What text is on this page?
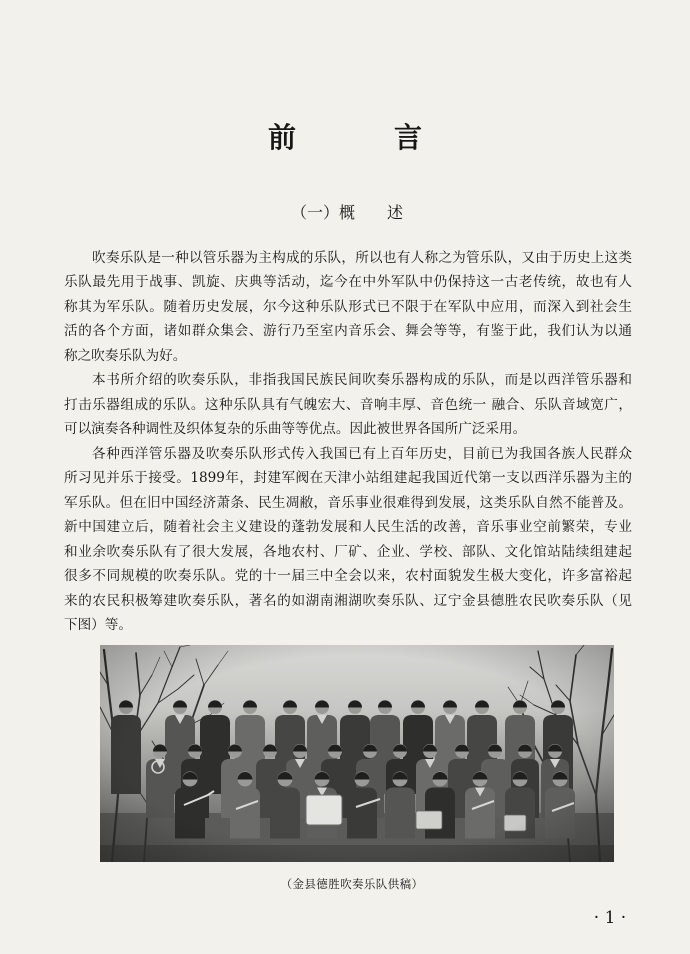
前　　言
（一）概　　述
吹奏乐队是一种以管乐器为主构成的乐队，所以也有人称之为管乐队，又由于历史上这类
乐队最先用于战事、凯旋、庆典等活动，迄今在中外军队中仍保持这一古老传统，故也有人
称其为军乐队。随着历史发展，尔今这种乐队形式已不限于在军队中应用，而深入到社会生
活的各个方面，诸如群众集会、游行乃至室内音乐会、舞会等等，有鉴于此，我们认为以通
称之吹奏乐队为好。
本书所介绍的吹奏乐队，非指我国民族民间吹奏乐器构成的乐队，而是以西洋管乐器和
打击乐器组成的乐队。这种乐队具有气魄宏大、音响丰厚、音色统一 融合、乐队音域宽广，
可以演奏各种调性及织体复杂的乐曲等等优点。因此被世界各国所广泛采用。
各种西洋管乐器及吹奏乐队形式传入我国已有上百年历史，目前已为我国各族人民群众
所习见并乐于接受。1899年，封建军阀在天津小站组建起我国近代第一支以西洋乐器为主的
军乐队。但在旧中国经济萧条、民生凋敝，音乐事业很难得到发展，这类乐队自然不能普及。
新中国建立后，随着社会主义建设的蓬勃发展和人民生活的改善，音乐事业空前繁荣，专业
和业余吹奏乐队有了很大发展，各地农村、厂矿、企业、学校、部队、文化馆站陆续组建起
很多不同规模的吹奏乐队。党的十一届三中全会以来，农村面貌发生极大变化，许多富裕起
来的农民积极筹建吹奏乐队，著名的如湖南湘湖吹奏乐队、辽宁金县德胜农民吹奏乐队（见
下图）等。
（金县德胜吹奏乐队供稿）
· 1 ·
